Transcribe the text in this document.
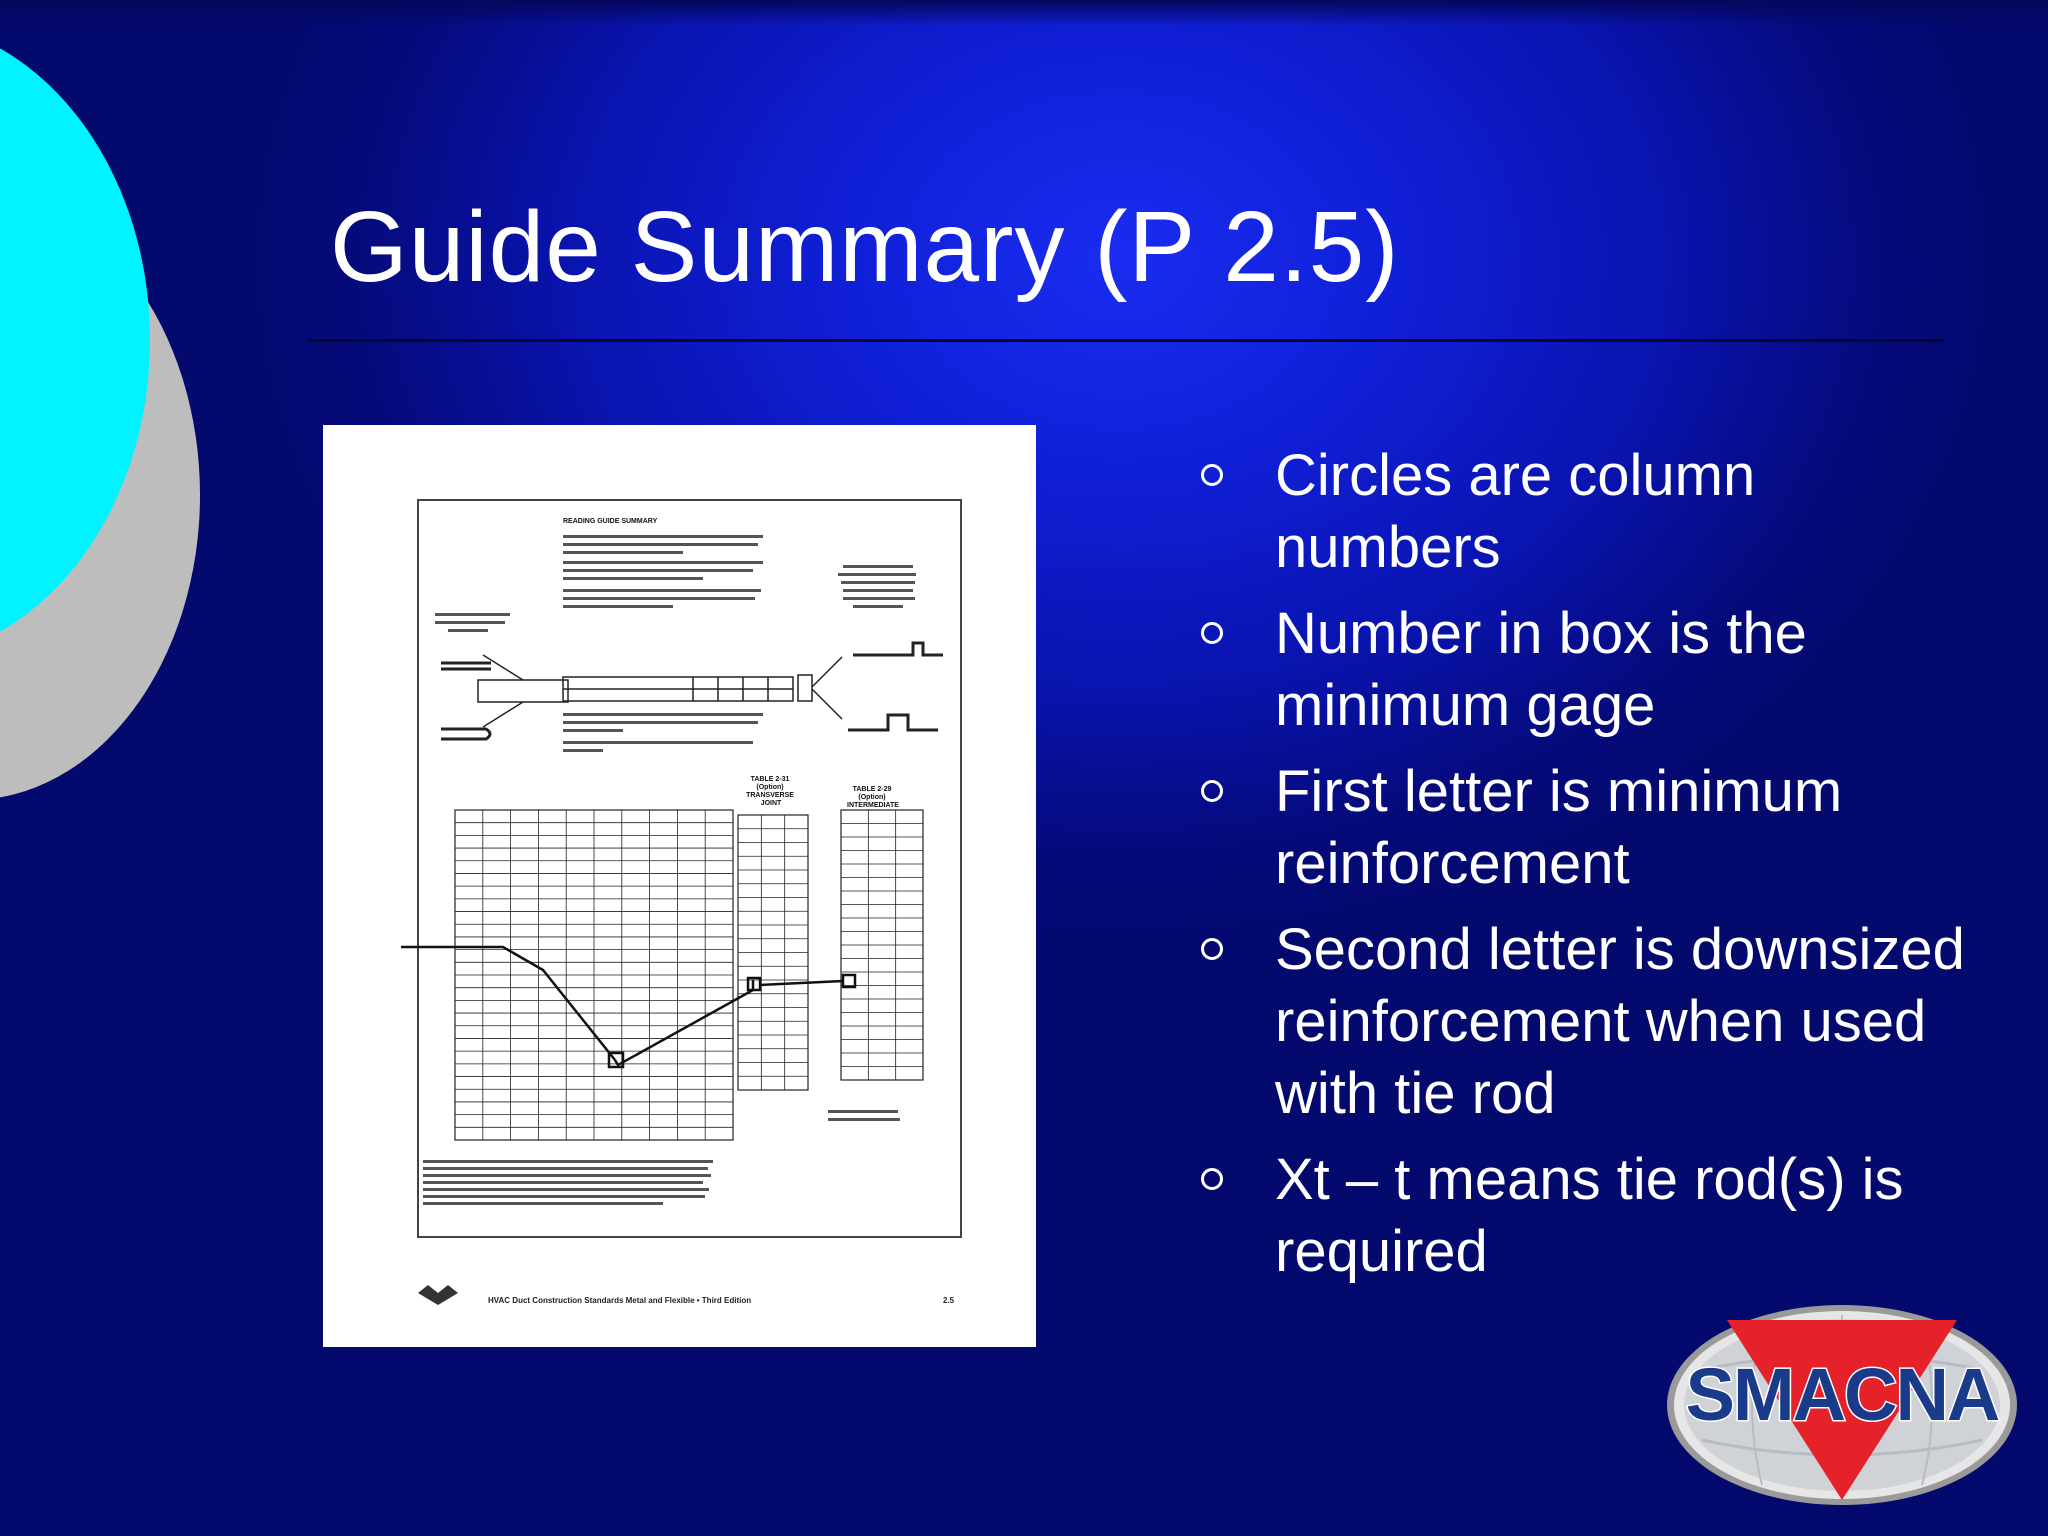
Guide Summary (P 2.5)
READING GUIDE SUMMARY
TABLE 2-31 (Option) TRANSVERSE JOINT
TABLE 2-29 (Option) INTERMEDIATE
HVAC Duct Construction Standards Metal and Flexible • Third Edition	2.5
Circles are column numbers
Number in box is the minimum gage
First letter is minimum reinforcement
Second letter is downsized reinforcement when used with tie rod
Xt – t means tie rod(s) is required
SMACNA
